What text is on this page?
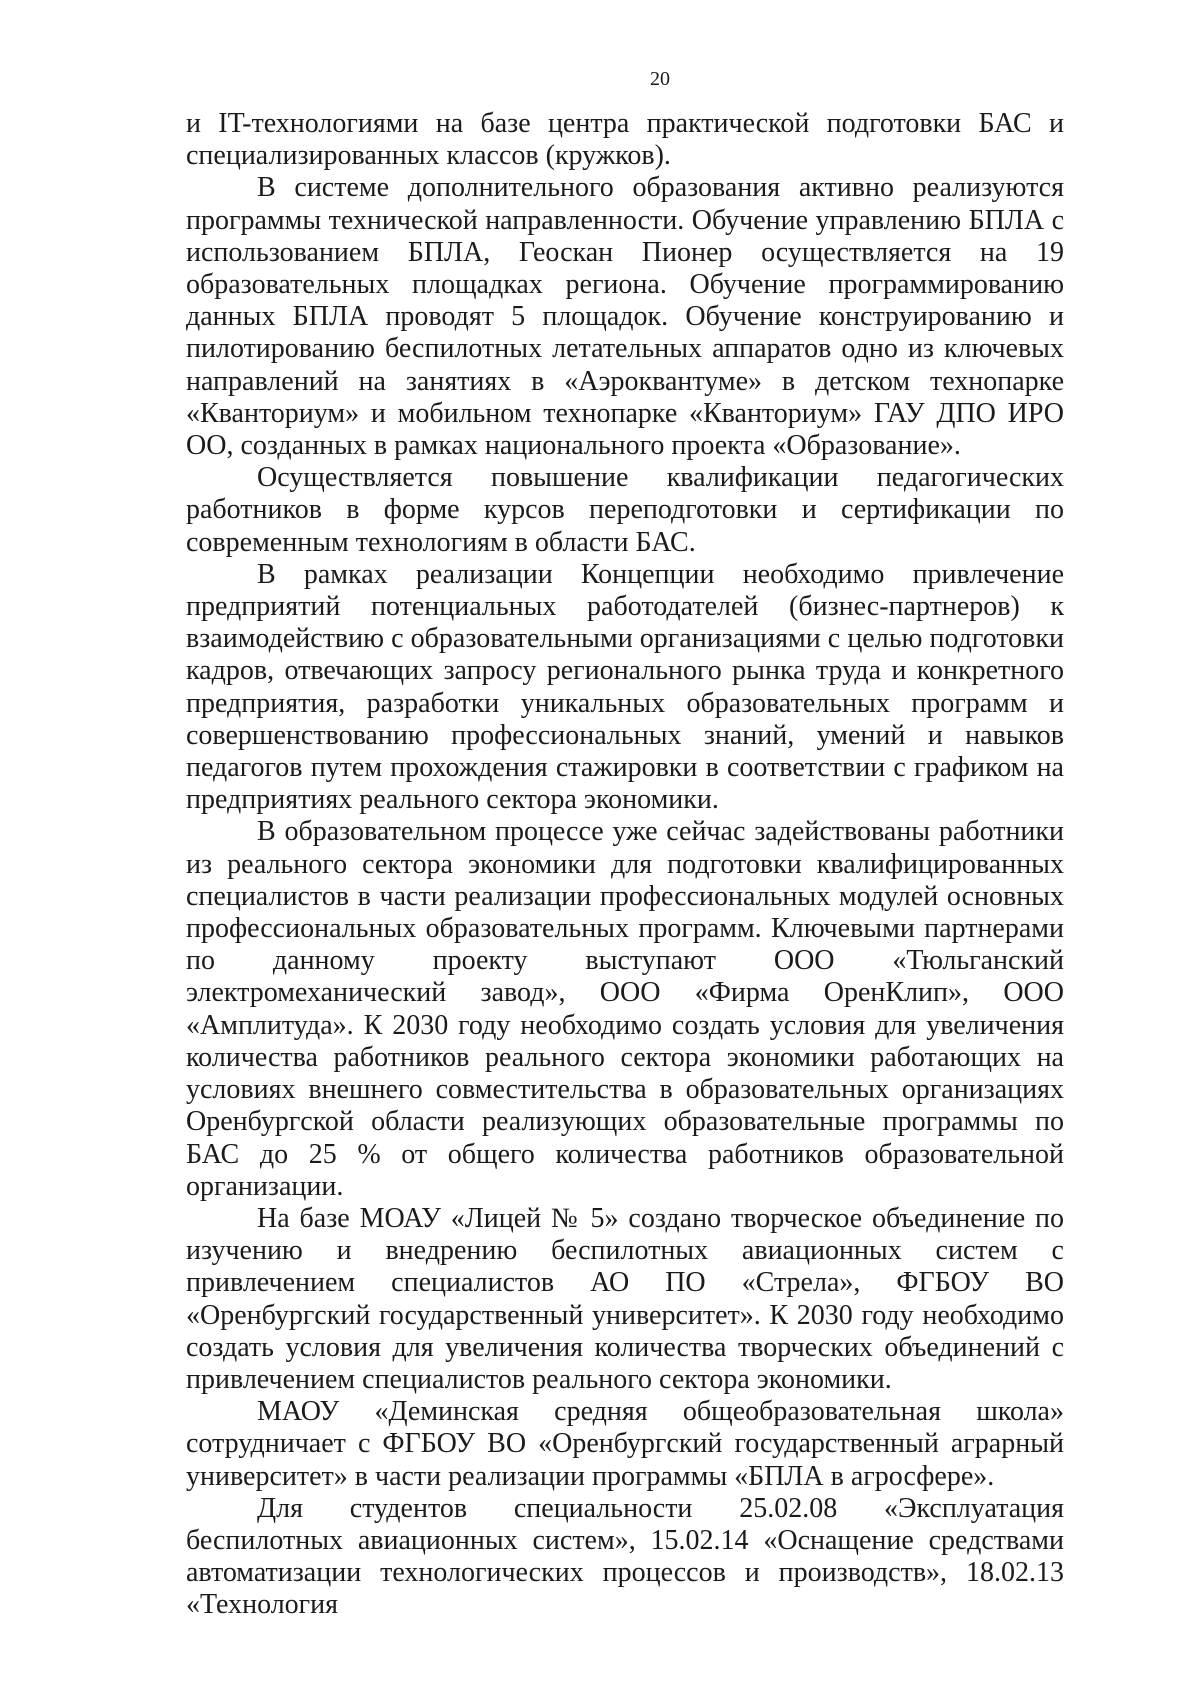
20

и IT-технологиями на базе центра практической подготовки БАС и специализированных классов (кружков).

В системе дополнительного образования активно реализуются программы технической направленности. Обучение управлению БПЛА с использованием БПЛА, Геоскан Пионер осуществляется на 19 образовательных площадках региона. Обучение программированию данных БПЛА проводят 5 площадок. Обучение конструированию и пилотированию беспилотных летательных аппаратов одно из ключевых направлений на занятиях в «Аэроквантуме» в детском технопарке «Кванториум» и мобильном технопарке «Кванториум» ГАУ ДПО ИРО ОО, созданных в рамках национального проекта «Образование».

Осуществляется повышение квалификации педагогических работников в форме курсов переподготовки и сертификации по современным технологиям в области БАС.

В рамках реализации Концепции необходимо привлечение предприятий потенциальных работодателей (бизнес-партнеров) к взаимодействию с образовательными организациями с целью подготовки кадров, отвечающих запросу регионального рынка труда и конкретного предприятия, разработки уникальных образовательных программ и совершенствованию профессиональных знаний, умений и навыков педагогов путем прохождения стажировки в соответствии с графиком на предприятиях реального сектора экономики.

В образовательном процессе уже сейчас задействованы работники из реального сектора экономики для подготовки квалифицированных специалистов в части реализации профессиональных модулей основных профессиональных образовательных программ. Ключевыми партнерами по данному проекту выступают ООО «Тюльганский электромеханический завод», ООО «Фирма ОренКлип», ООО «Амплитуда». К 2030 году необходимо создать условия для увеличения количества работников реального сектора экономики работающих на условиях внешнего совместительства в образовательных организациях Оренбургской области реализующих образовательные программы по БАС до 25 % от общего количества работников образовательной организации.

На базе МОАУ «Лицей № 5» создано творческое объединение по изучению и внедрению беспилотных авиационных систем с привлечением специалистов АО ПО «Стрела», ФГБОУ ВО «Оренбургский государственный университет». К 2030 году необходимо создать условия для увеличения количества творческих объединений с привлечением специалистов реального сектора экономики.

МАОУ «Деминская средняя общеобразовательная школа» сотрудничает с ФГБОУ ВО «Оренбургский государственный аграрный университет» в части реализации программы «БПЛА в агросфере».

Для студентов специальности 25.02.08 «Эксплуатация беспилотных авиационных систем», 15.02.14 «Оснащение средствами автоматизации технологических процессов и производств», 18.02.13 «Технология
